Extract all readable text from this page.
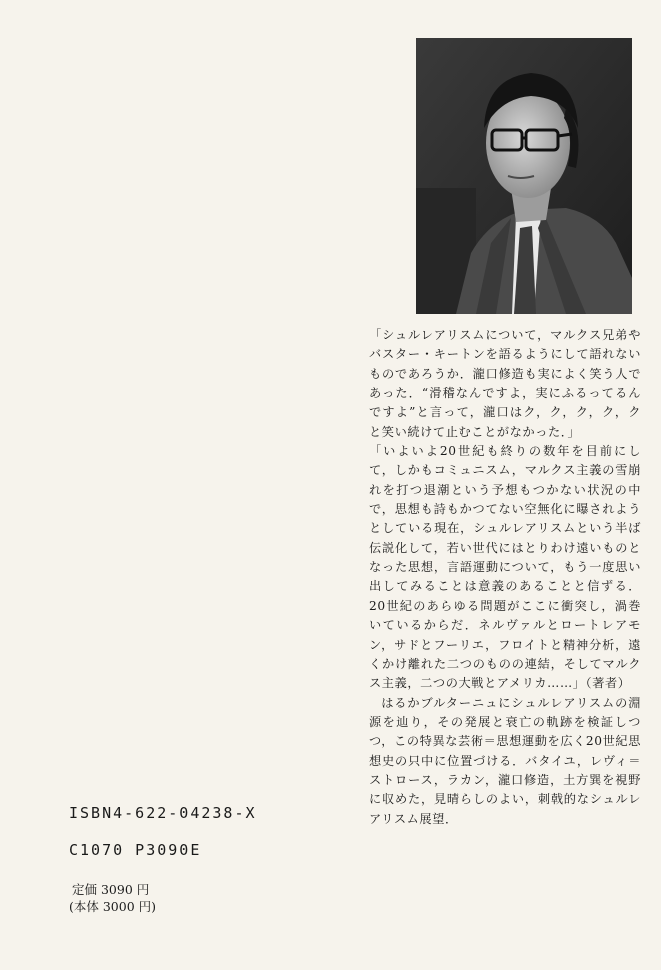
「シュルレアリスムについて，マルクス兄弟やバスター・キートンを語るようにして語れないものであろうか．瀧口修造も実によく笑う人であった．“滑稽なんですよ，実にふるってるんですよ”と言って，瀧口はク，ク，ク，ク，クと笑い続けて止むことがなかった．」

「いよいよ20世紀も終りの数年を目前にして，しかもコミュニスム，マルクス主義の雪崩れを打つ退潮という予想もつかない状況の中で，思想も詩もかつてない空無化に曝されようとしている現在，シュルレアリスムという半ば伝説化して，若い世代にはとりわけ遠いものとなった思想，言語運動について，もう一度思い出してみることは意義のあることと信ずる．20世紀のあらゆる問題がここに衝突し，渦巻いているからだ．ネルヴァルとロートレアモン，サドとフーリエ，フロイトと精神分析，遠くかけ離れた二つのものの連結，そしてマルクス主義，二つの大戦とアメリカ……」（著者）

はるかブルターニュにシュルレアリスムの淵源を辿り，その発展と衰亡の軌跡を検証しつつ，この特異な芸術＝思想運動を広く20世紀思想史の只中に位置づける．バタイユ，レヴィ＝ストロース，ラカン，瀧口修造，土方巽を視野に収めた，見晴らしのよい，刺戟的なシュルレアリスム展望．

ISBN4-622-04238-X
C1070 P3090E
定価 3090 円
(本体 3000 円)
